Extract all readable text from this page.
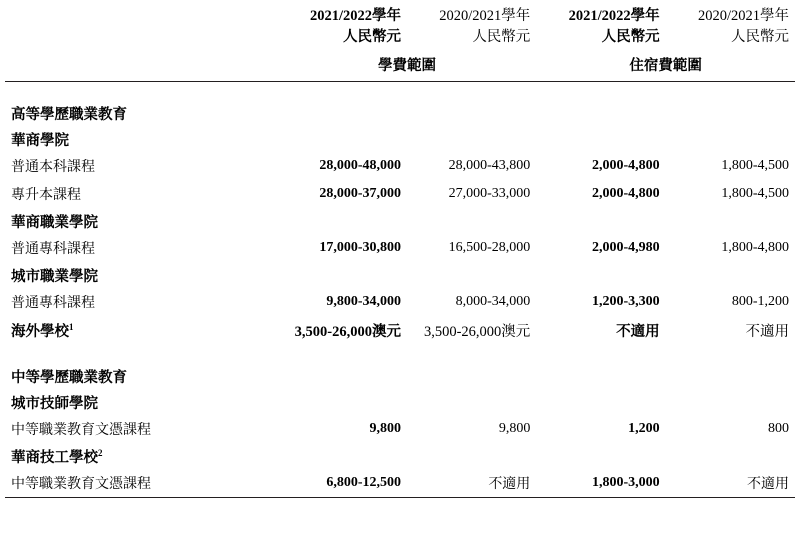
	2021/2022學年	2020/2021學年	2021/2022學年	2020/2021學年
	人民幣元	人民幣元	人民幣元	人民幣元
	學費範圍		住宿費範圍	

高等學歷職業教育				
華商學院				
普通本科課程	28,000-48,000	28,000-43,800	2,000-4,800	1,800-4,500
專升本課程	28,000-37,000	27,000-33,000	2,000-4,800	1,800-4,500
華商職業學院				
普通專科課程	17,000-30,800	16,500-28,000	2,000-4,980	1,800-4,800
城市職業學院				
普通專科課程	9,800-34,000	8,000-34,000	1,200-3,300	800-1,200
海外學校$^1$	3,500-26,000澳元	3,500-26,000澳元	不適用	不適用

中等學歷職業教育				
城市技師學院				
中等職業教育文憑課程	9,800	9,800	1,200	800
華商技工學校$^2$
中等職業教育文憑課程	6,800-12,500	不適用	1,800-3,000	不適用
